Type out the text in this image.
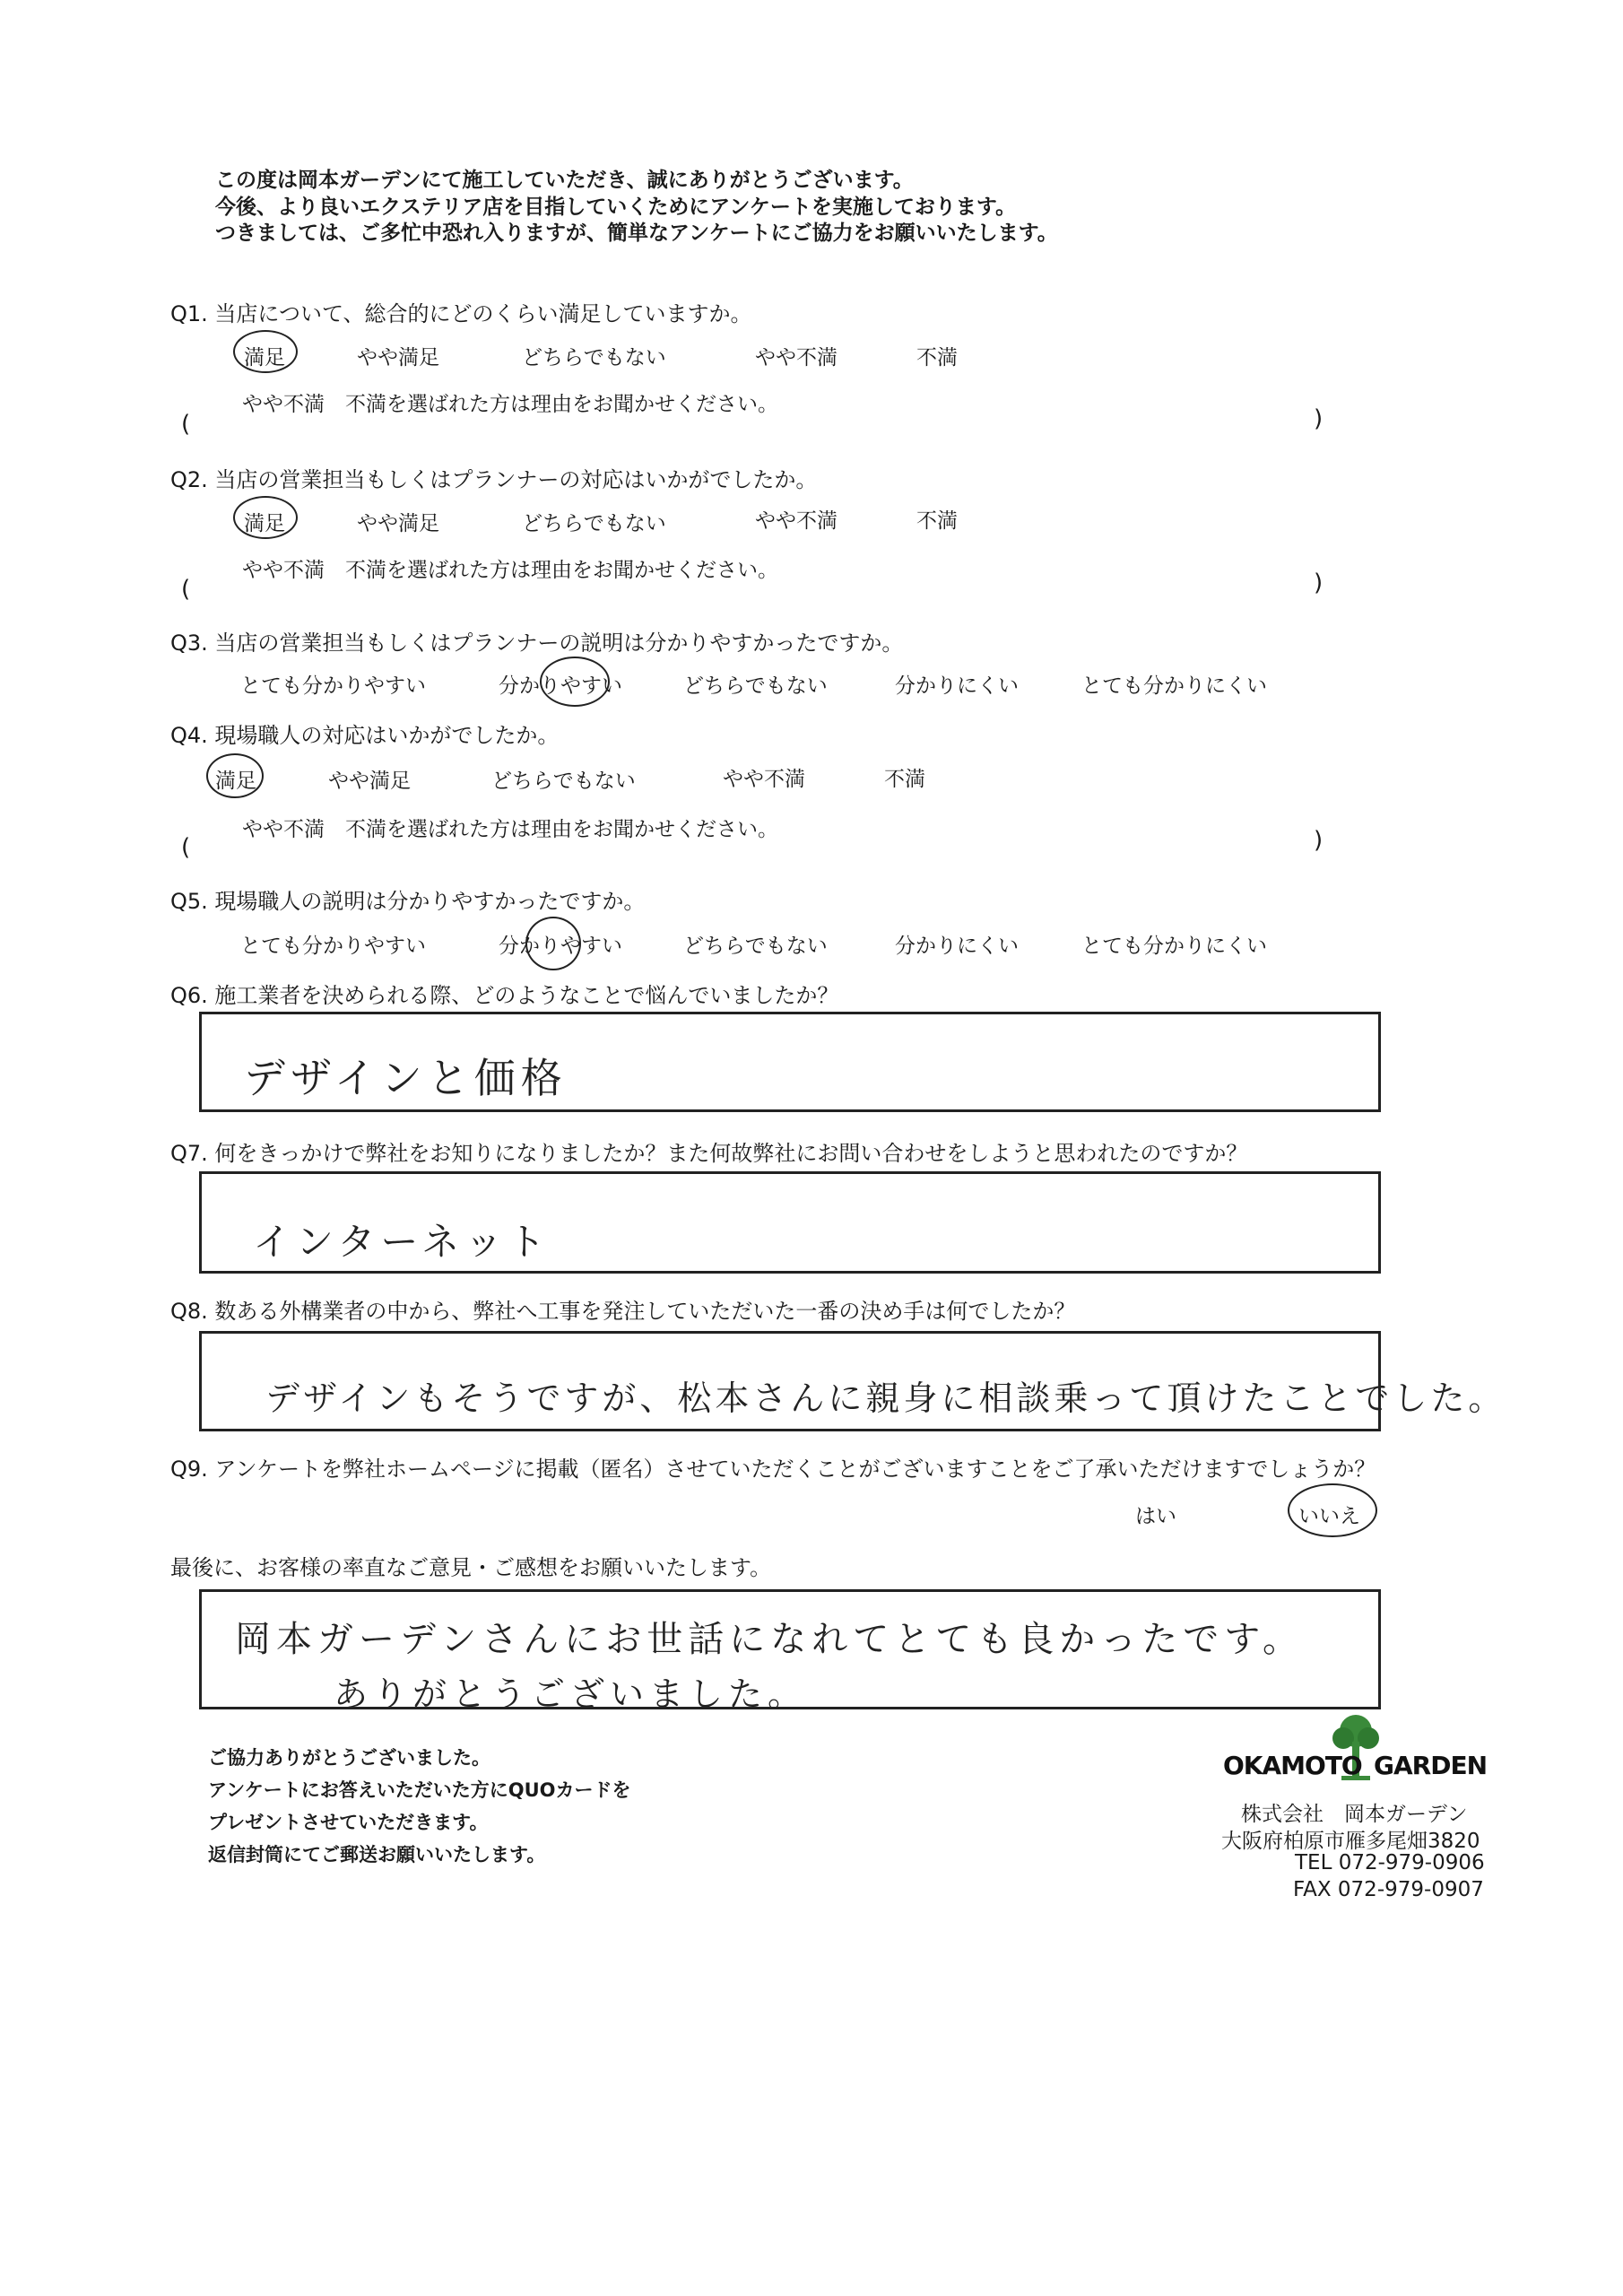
この度は岡本ガーデンにて施工していただき、誠にありがとうございます。
今後、より良いエクステリア店を目指していくためにアンケートを実施しております。
つきましては、ご多忙中恐れ入りますが、簡単なアンケートにご協力をお願いいたします。
Q1. 当店について、総合的にどのくらい満足していますか。
満足	やや満足	どちらでもない	やや不満	不満
やや不満　不満を選ばれた方は理由をお聞かせください。
(	)
Q2. 当店の営業担当もしくはプランナーの対応はいかがでしたか。
満足	やや満足	どちらでもない	やや不満	不満
やや不満　不満を選ばれた方は理由をお聞かせください。
(	)
Q3. 当店の営業担当もしくはプランナーの説明は分かりやすかったですか。
とても分かりやすい	分かりやすい	どちらでもない	分かりにくい	とても分かりにくい
Q4. 現場職人の対応はいかがでしたか。
満足	やや満足	どちらでもない	やや不満	不満
やや不満　不満を選ばれた方は理由をお聞かせください。
(	)
Q5. 現場職人の説明は分かりやすかったですか。
とても分かりやすい	分かりやすい	どちらでもない	分かりにくい	とても分かりにくい
Q6. 施工業者を決められる際、どのようなことで悩んでいましたか？
デザインと価格
Q7. 何をきっかけで弊社をお知りになりましたか？また何故弊社にお問い合わせをしようと思われたのですか？
インターネット
Q8. 数ある外構業者の中から、弊社へ工事を発注していただいた一番の決め手は何でしたか？
デザインもそうですが、松本さんに親身に相談乗って頂けたことでした。
Q9. アンケートを弊社ホームページに掲載（匿名）させていただくことがございますことをご了承いただけますでしょうか？
はい	いいえ
最後に、お客様の率直なご意見・ご感想をお願いいたします。
岡本ガーデンさんにお世話になれてとても良かったです。
ありがとうございました。
ご協力ありがとうございました。
アンケートにお答えいただいた方にQUOカードを
プレゼントさせていただきます。
返信封筒にてご郵送お願いいたします。
OKAMOTO GARDEN
株式会社　岡本ガーデン
大阪府柏原市雁多尾畑3820
TEL 072-979-0906
FAX 072-979-0907
